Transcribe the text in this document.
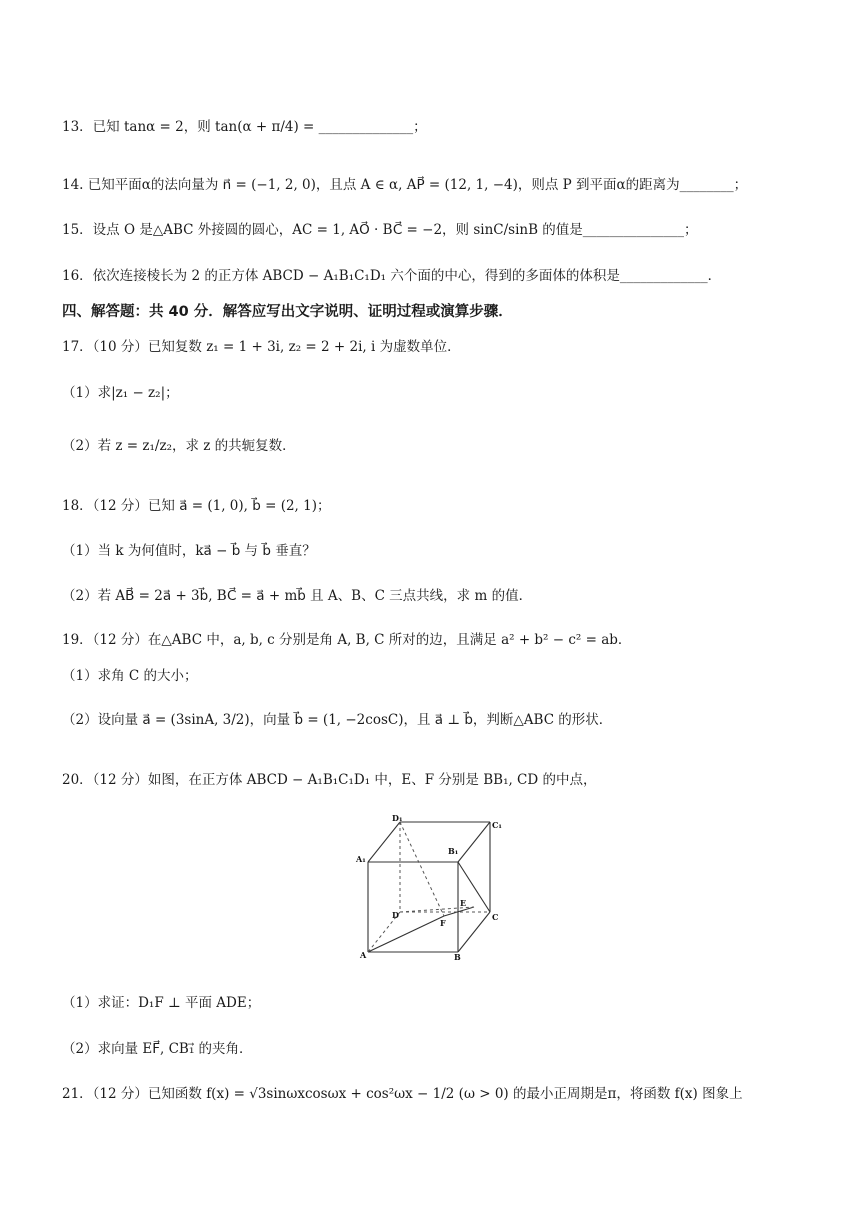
13．已知 tanα = 2，则 tan(α + π/4) = ______________；
14. 已知平面α的法向量为 n⃗ = (−1, 2, 0)，且点 A ∈ α, AP⃗ = (12, 1, −4)，则点 P 到平面α的距离为________；
15．设点 O 是△ABC 外接圆的圆心，AC = 1, AO⃗ · BC⃗ = −2，则 sinC/sinB 的值是_______________；
16．依次连接棱长为 2 的正方体 ABCD − A₁B₁C₁D₁ 六个面的中心，得到的多面体的体积是_____________．
四、解答题：共 40 分．解答应写出文字说明、证明过程或演算步骤．
17．（10 分）已知复数 z₁ = 1 + 3i, z₂ = 2 + 2i, i 为虚数单位．
（1）求|z₁ − z₂|；
（2）若 z = z₁/z₂，求 z 的共轭复数．
18．（12 分）已知 a⃗ = (1, 0), b⃗ = (2, 1)；
（1）当 k 为何值时，ka⃗ − b⃗ 与 b⃗ 垂直？
（2）若 AB⃗ = 2a⃗ + 3b⃗, BC⃗ = a⃗ + mb⃗ 且 A、B、C 三点共线，求 m 的值．
19．（12 分）在△ABC 中，a, b, c 分别是角 A, B, C 所对的边，且满足 a² + b² − c² = ab．
（1）求角 C 的大小；
（2）设向量 a⃗ = (3sinA, 3/2)，向量 b⃗ = (1, −2cosC)，且 a⃗ ⊥ b⃗，判断△ABC 的形状．
20．（12 分）如图，在正方体 ABCD − A₁B₁C₁D₁ 中，E、F 分别是 BB₁, CD 的中点，
D₁
C₁
A₁
B₁
D
E
F
C
A	B
（1）求证：D₁F ⊥ 平面 ADE；
（2）求向量 EF⃗, CB₁⃗ 的夹角．
21．（12 分）已知函数 f(x) = √3sinωxcosωx + cos²ωx − 1/2 (ω > 0) 的最小正周期是π，将函数 f(x) 图象上
